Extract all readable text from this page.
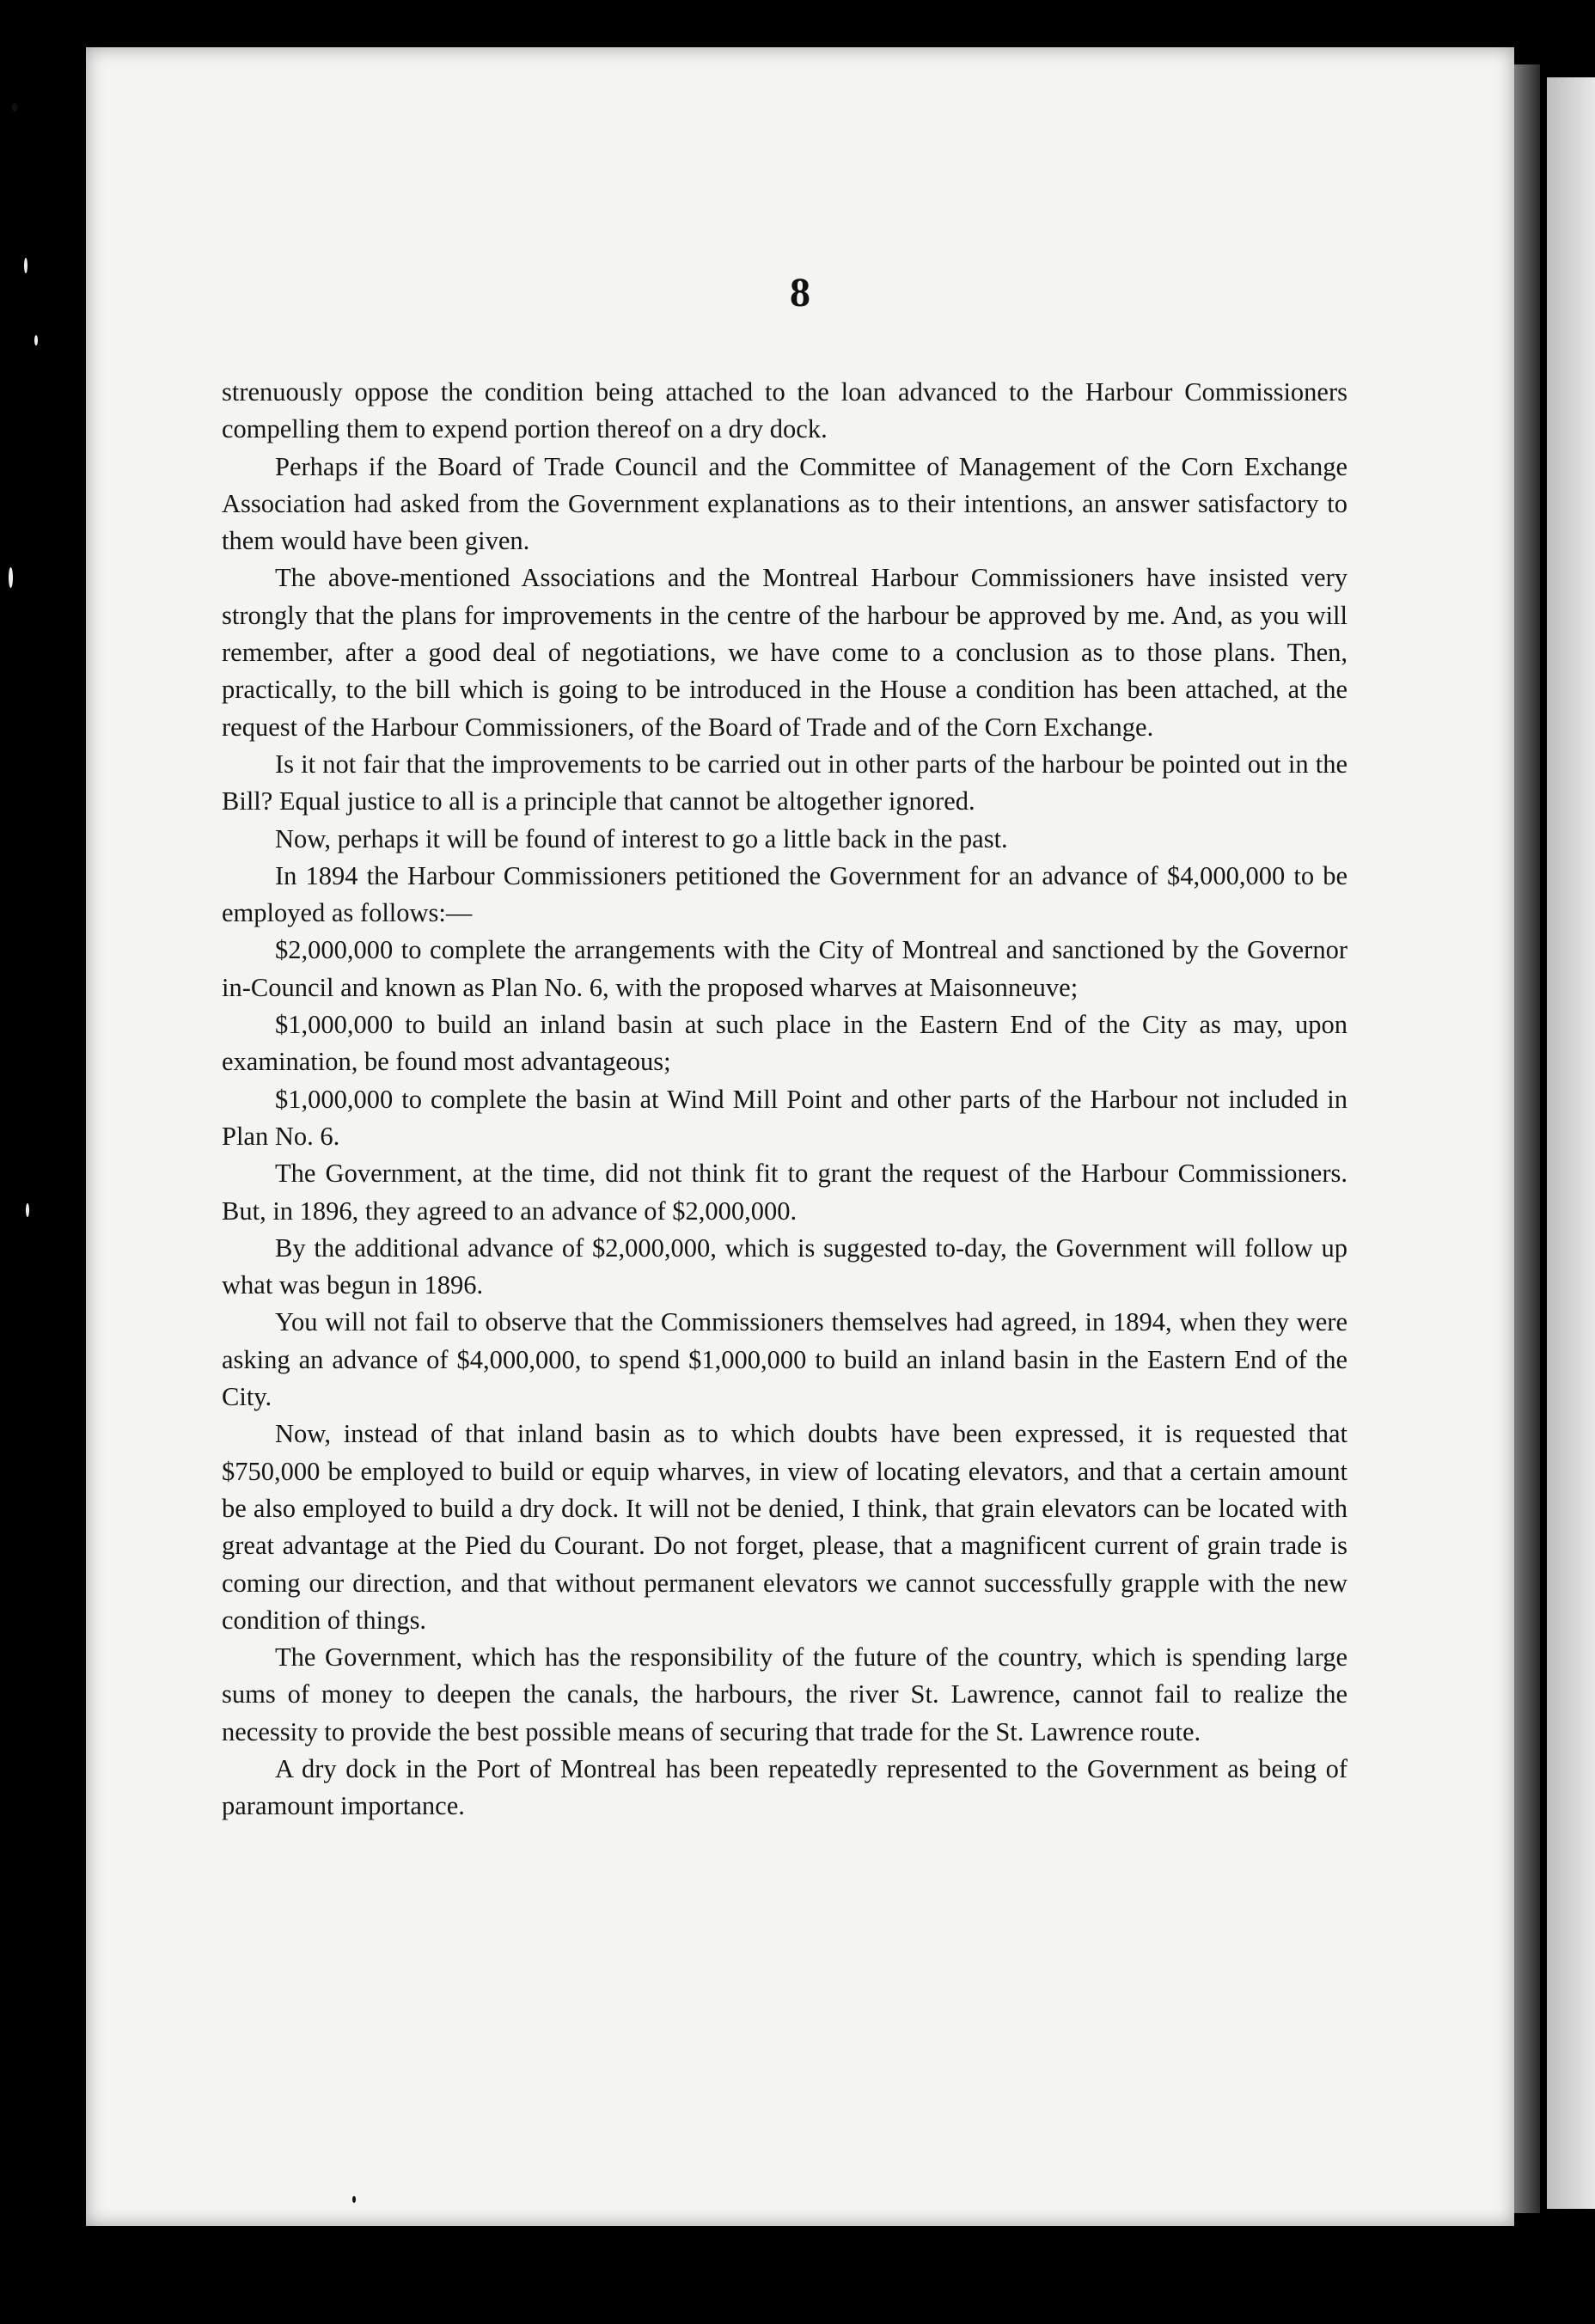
8

strenuously oppose the condition being attached to the loan advanced to the Harbour Commissioners compelling them to expend portion thereof on a dry dock.

Perhaps if the Board of Trade Council and the Committee of Management of the Corn Exchange Association had asked from the Government explanations as to their intentions, an answer satisfactory to them would have been given.

The above-mentioned Associations and the Montreal Harbour Commissioners have insisted very strongly that the plans for improvements in the centre of the harbour be approved by me. And, as you will remember, after a good deal of negotiations, we have come to a conclusion as to those plans. Then, practically, to the bill which is going to be introduced in the House a condition has been attached, at the request of the Harbour Commissioners, of the Board of Trade and of the Corn Exchange.

Is it not fair that the improvements to be carried out in other parts of the harbour be pointed out in the Bill? Equal justice to all is a principle that cannot be altogether ignored.

Now, perhaps it will be found of interest to go a little back in the past.

In 1894 the Harbour Commissioners petitioned the Government for an advance of $4,000,000 to be employed as follows:—

$2,000,000 to complete the arrangements with the City of Montreal and sanctioned by the Governor in-Council and known as Plan No. 6, with the proposed wharves at Maisonneuve;

$1,000,000 to build an inland basin at such place in the Eastern End of the City as may, upon examination, be found most advantageous;

$1,000,000 to complete the basin at Wind Mill Point and other parts of the Harbour not included in Plan No. 6.

The Government, at the time, did not think fit to grant the request of the Harbour Commissioners. But, in 1896, they agreed to an advance of $2,000,000.

By the additional advance of $2,000,000, which is suggested to-day, the Government will follow up what was begun in 1896.

You will not fail to observe that the Commissioners themselves had agreed, in 1894, when they were asking an advance of $4,000,000, to spend $1,000,000 to build an inland basin in the Eastern End of the City.

Now, instead of that inland basin as to which doubts have been expressed, it is requested that $750,000 be employed to build or equip wharves, in view of locating elevators, and that a certain amount be also employed to build a dry dock. It will not be denied, I think, that grain elevators can be located with great advantage at the Pied du Courant. Do not forget, please, that a magnificent current of grain trade is coming our direction, and that without permanent elevators we cannot successfully grapple with the new condition of things.

The Government, which has the responsibility of the future of the country, which is spending large sums of money to deepen the canals, the harbours, the river St. Lawrence, cannot fail to realize the necessity to provide the best possible means of securing that trade for the St. Lawrence route.

A dry dock in the Port of Montreal has been repeatedly represented to the Government as being of paramount importance.
